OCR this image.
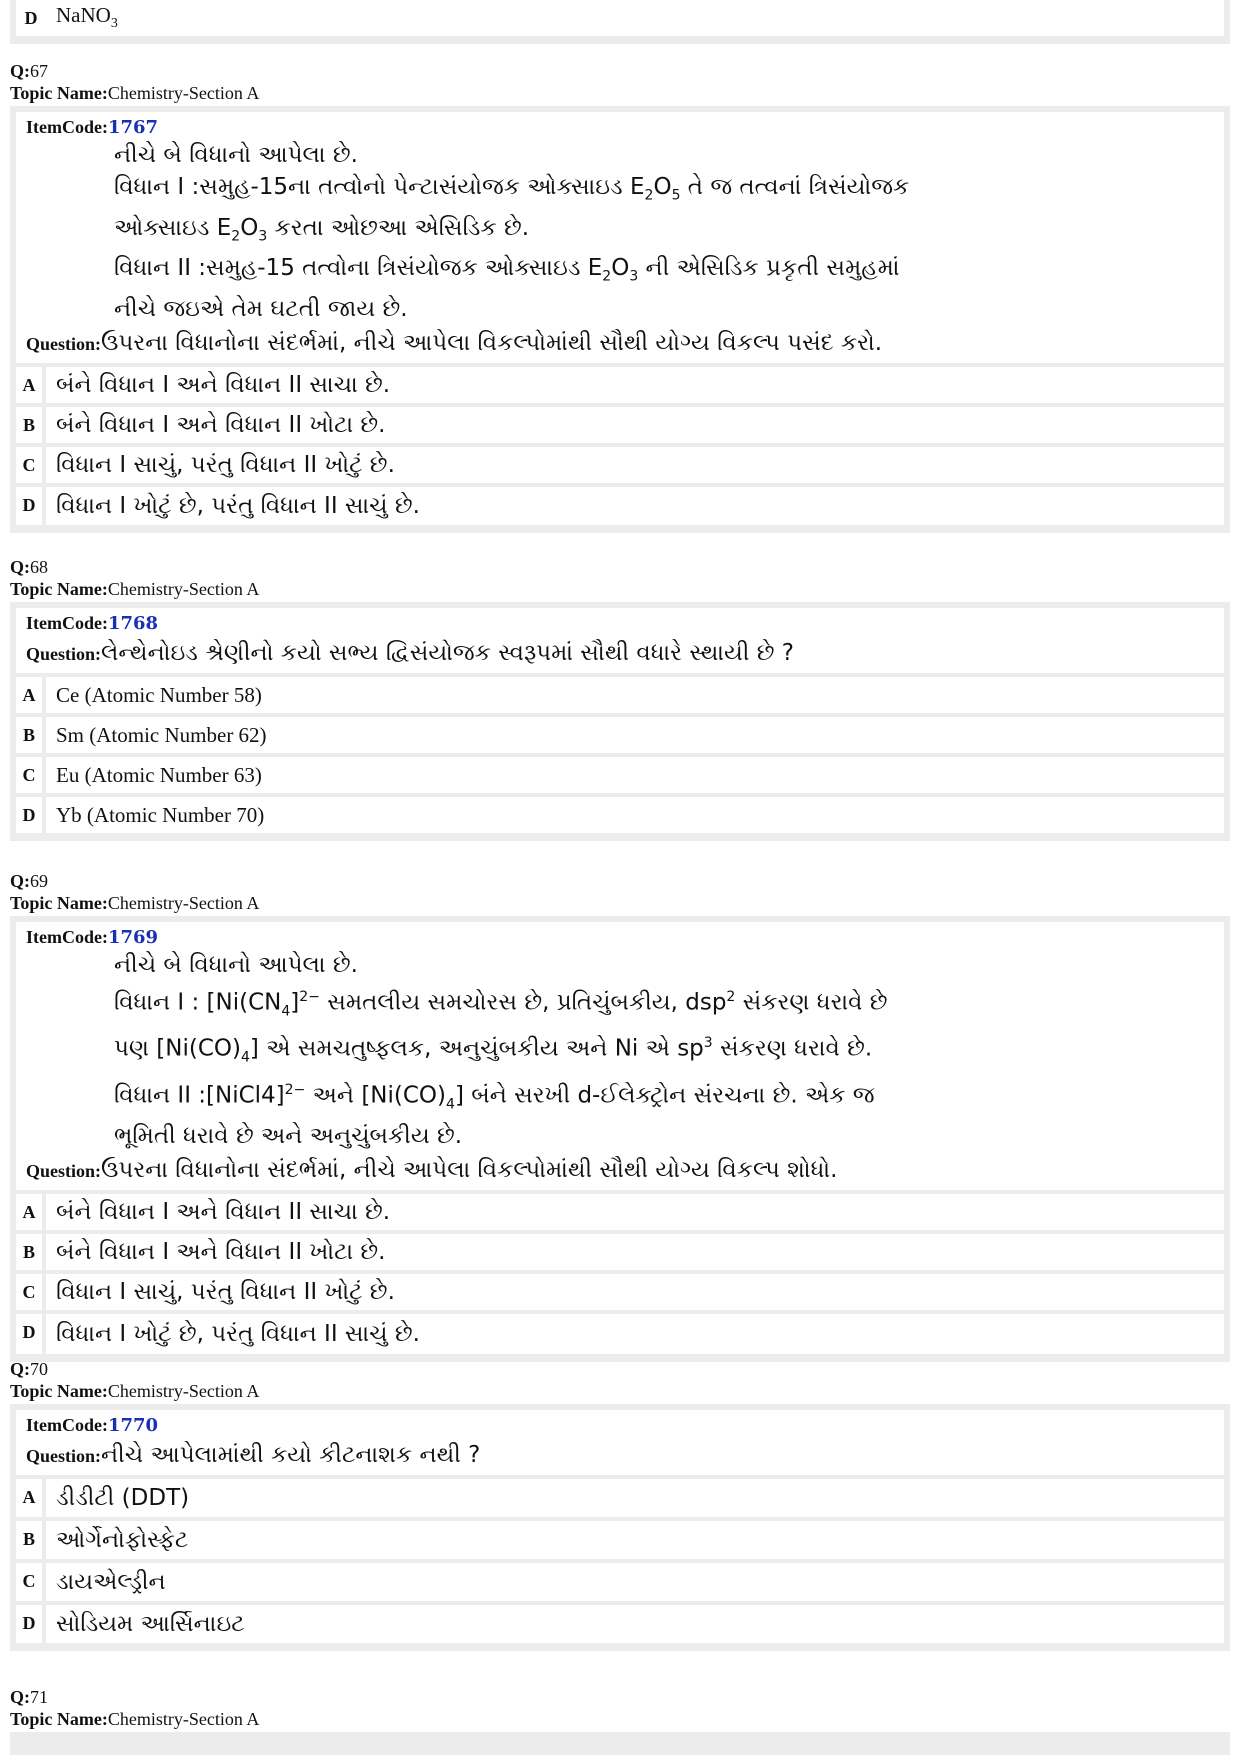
D NaNO$_3$
Q:67
Topic Name:Chemistry-Section A
ItemCode:1767
નીચે બે વિધાનો આપેલા છે.
વિધાન I :સમુહ-15ના તત્વોનો પેન્ટાસંયોજક ઓક્સાઇડ $E_2O_5$ તે જ તત્વનાં ત્રિસંયોજક
ઓક્સાઇડ $E_2O_3$ કરતા ઓછઆ એસિડિક છે.
વિધાન II :સમુહ-15 તત્વોના ત્રિસંયોજક ઓક્સાઇડ $E_2O_3$ ની એસિડિક પ્રકૃતી સમુહમાં
નીચે જઇએ તેમ ઘટતી જાય છે.
Question: ઉપરના વિધાનોના સંદર્ભમાં, નીચે આપેલા વિકલ્પોમાંથી સૌથી યોગ્ય વિકલ્પ પસંદ કરો.
A બંને વિધાન I અને વિધાન II સાચા છે.
B બંને વિધાન I અને વિધાન II ખોટા છે.
C વિધાન I સાચું, પરંતુ વિધાન II ખોટું છે.
D વિધાન I ખોટું છે, પરંતુ વિધાન II સાચું છે.
Q:68
Topic Name:Chemistry-Section A
ItemCode:1768
Question: લેન્થેનોઇડ શ્રેણીનો કયો સભ્ય દ્વિસંયોજક સ્વરૂપમાં સૌથી વધારે સ્થાયી છે ?
A Ce (Atomic Number 58)
B	Sm (Atomic Number 62)
C Eu (Atomic Number 63)
D Yb (Atomic Number 70)
Q:69
Topic Name:Chemistry-Section A
ItemCode:1769
નીચે બે વિધાનો આપેલા છે.
વિધાન I : [$Ni(CN_4]^{2-}$ સમતલીય સમચોરસ છે, પ્રતિચુંબકીય, dsp$^2$ સંકરણ ધરાવે છે
પણ $[Ni(CO)_4]$ એ સમચતુષ્ફલક, અનુચુંબકીય અને Ni એ $sp^3$ સંકરણ ધરાવે છે.
વિધાન II :[NiCl4]$^{2-}$ અને $[Ni(CO)_4]$ બંને સરખી d-ઈલેક્ટ્રોન સંરચના છે. એક જ
ભૂમિતી ધરાવે છે અને અનુચુંબકીય છે.
Question: ઉપરના વિધાનોના સંદર્ભમાં, નીચે આપેલા વિકલ્પોમાંથી સૌથી યોગ્ય વિકલ્પ શોધો.
A બંને વિધાન I અને વિધાન II સાચા છે.
B બંને વિધાન I અને વિધાન II ખોટા છે.
C વિધાન I સાચું, પરંતુ વિધાન II ખોટું છે.
D વિધાન I ખોટું છે, પરંતુ વિધાન II સાચું છે.
Q:70
Topic Name:Chemistry-Section A
ItemCode:1770
Question: નીચે આપેલામાંથી કયો કીટનાશક નથી ?
A ડીડીટી (DDT)
B ઓર્ગેનોફોસ્ફેટ
C ડાયએલ્ડ્રીન
D સોડિયમ આર્સિનાઇટ
Q:71
Topic Name:Chemistry-Section A
